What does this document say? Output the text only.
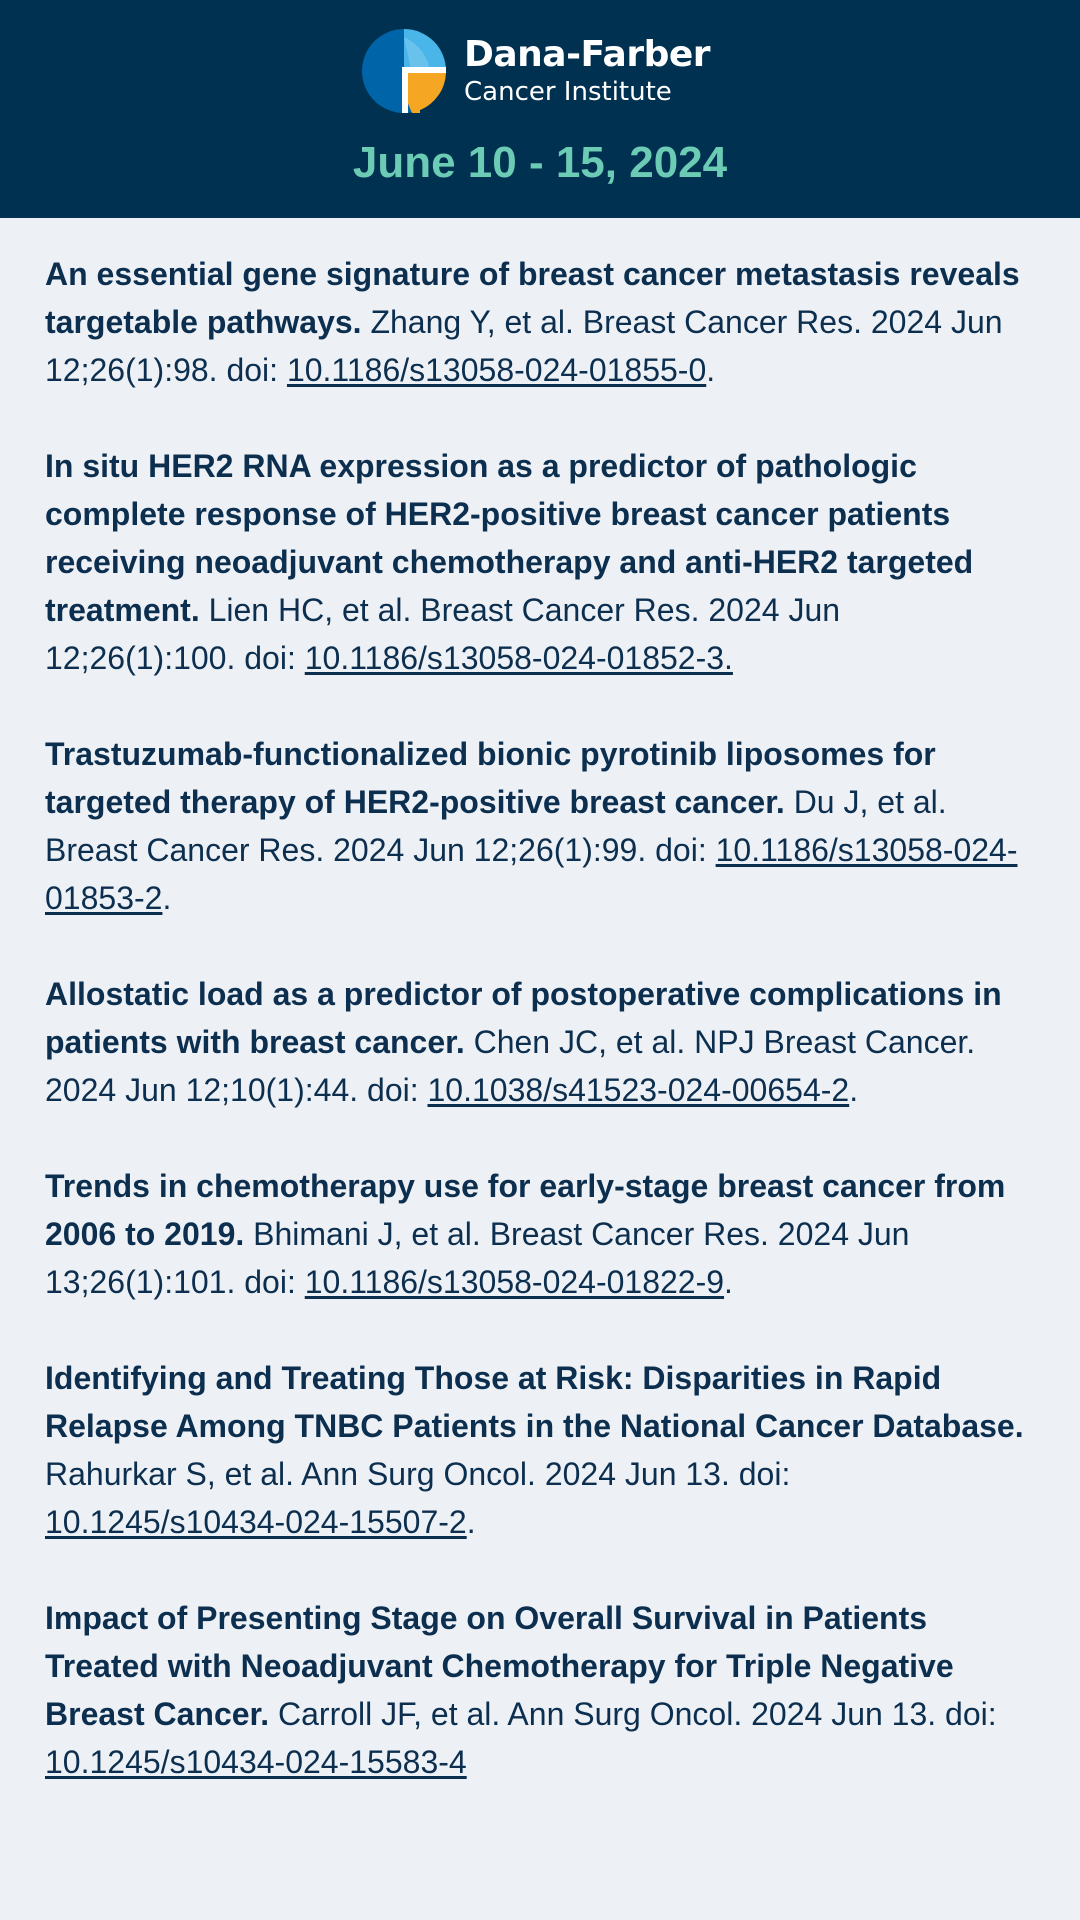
Dana-Farber
Cancer Institute
June 10 - 15, 2024

An essential gene signature of breast cancer metastasis reveals targetable pathways. Zhang Y, et al. Breast Cancer Res. 2024 Jun 12;26(1):98. doi: 10.1186/s13058-024-01855-0.

In situ HER2 RNA expression as a predictor of pathologic complete response of HER2-positive breast cancer patients receiving neoadjuvant chemotherapy and anti-HER2 targeted treatment. Lien HC, et al. Breast Cancer Res. 2024 Jun 12;26(1):100. doi: 10.1186/s13058-024-01852-3.

Trastuzumab-functionalized bionic pyrotinib liposomes for targeted therapy of HER2-positive breast cancer. Du J, et al. Breast Cancer Res. 2024 Jun 12;26(1):99. doi: 10.1186/s13058-024-01853-2.

Allostatic load as a predictor of postoperative complications in patients with breast cancer. Chen JC, et al. NPJ Breast Cancer. 2024 Jun 12;10(1):44. doi: 10.1038/s41523-024-00654-2.

Trends in chemotherapy use for early-stage breast cancer from 2006 to 2019. Bhimani J, et al. Breast Cancer Res. 2024 Jun 13;26(1):101. doi: 10.1186/s13058-024-01822-9.

Identifying and Treating Those at Risk: Disparities in Rapid Relapse Among TNBC Patients in the National Cancer Database. Rahurkar S, et al. Ann Surg Oncol. 2024 Jun 13. doi: 10.1245/s10434-024-15507-2.

Impact of Presenting Stage on Overall Survival in Patients Treated with Neoadjuvant Chemotherapy for Triple Negative Breast Cancer. Carroll JF, et al. Ann Surg Oncol. 2024 Jun 13. doi: 10.1245/s10434-024-15583-4
